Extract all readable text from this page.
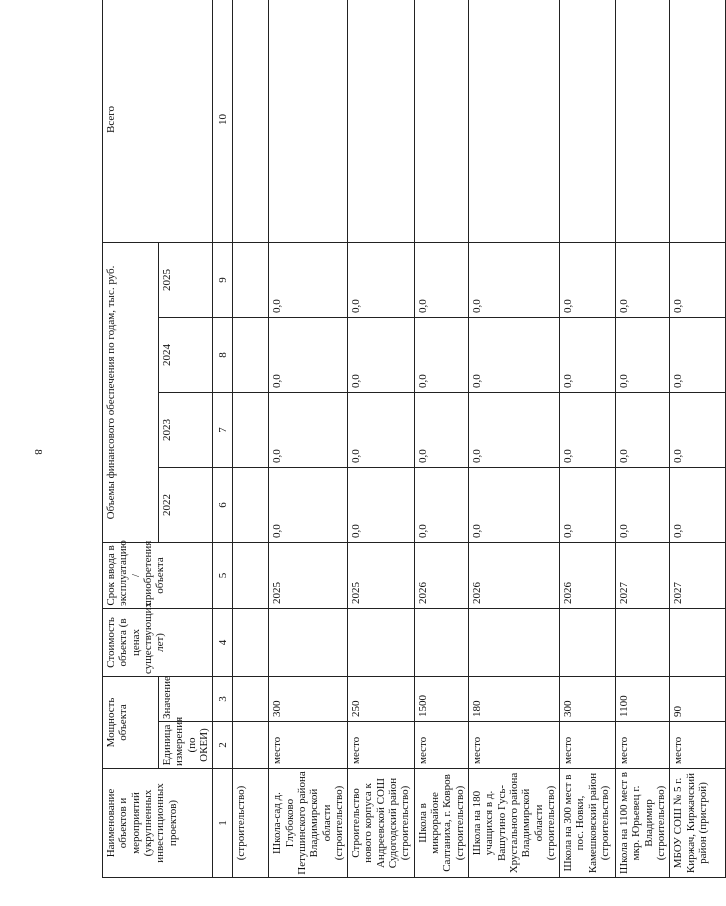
8
Наименование объектов и мероприятий (укрупненных инвестиционных проектов)	Мощность объекта		Стоимость объекта (в ценах существующих лет)	Срок ввода в эксплуатацию / приобретения объекта	Объемы финансового обеспечения по годам, тыс. руб.				Всего
	Единица измерения (по ОКЕИ)	Значение			2022	2023	2024	2025	
1	2	3	4	5	6	7	8	9	10
(строительство)									
Школа-сад д. Глубоково Петушинского района Владимирской области (строительство)	место	300		2025	0,0	0,0	0,0	0,0	
Строительство нового корпуса к Андреевской СОШ Судогодский район (строительство)	место	250		2025	0,0	0,0	0,0	0,0	
Школа в микрорайоне Салтаниха, г. Ковров (строительство)	место	1500		2026	0,0	0,0	0,0	0,0	
Школа на 180 учащихся в д. Вашутино Гусь-Хрустального района Владимирской области (строительство)	место	180		2026	0,0	0,0	0,0	0,0	
Школа на 300 мест в пос. Новки, Камешковский район (строительство)	место	300		2026	0,0	0,0	0,0	0,0	
Школа на 1100 мест в мкр. Юрьевец г. Владимир (строительство)	место	1100		2027	0,0	0,0	0,0	0,0	
МБОУ СОШ № 5 г. Киржач, Киржачский район (пристрой)	место	90		2027	0,0	0,0	0,0	0,0	
